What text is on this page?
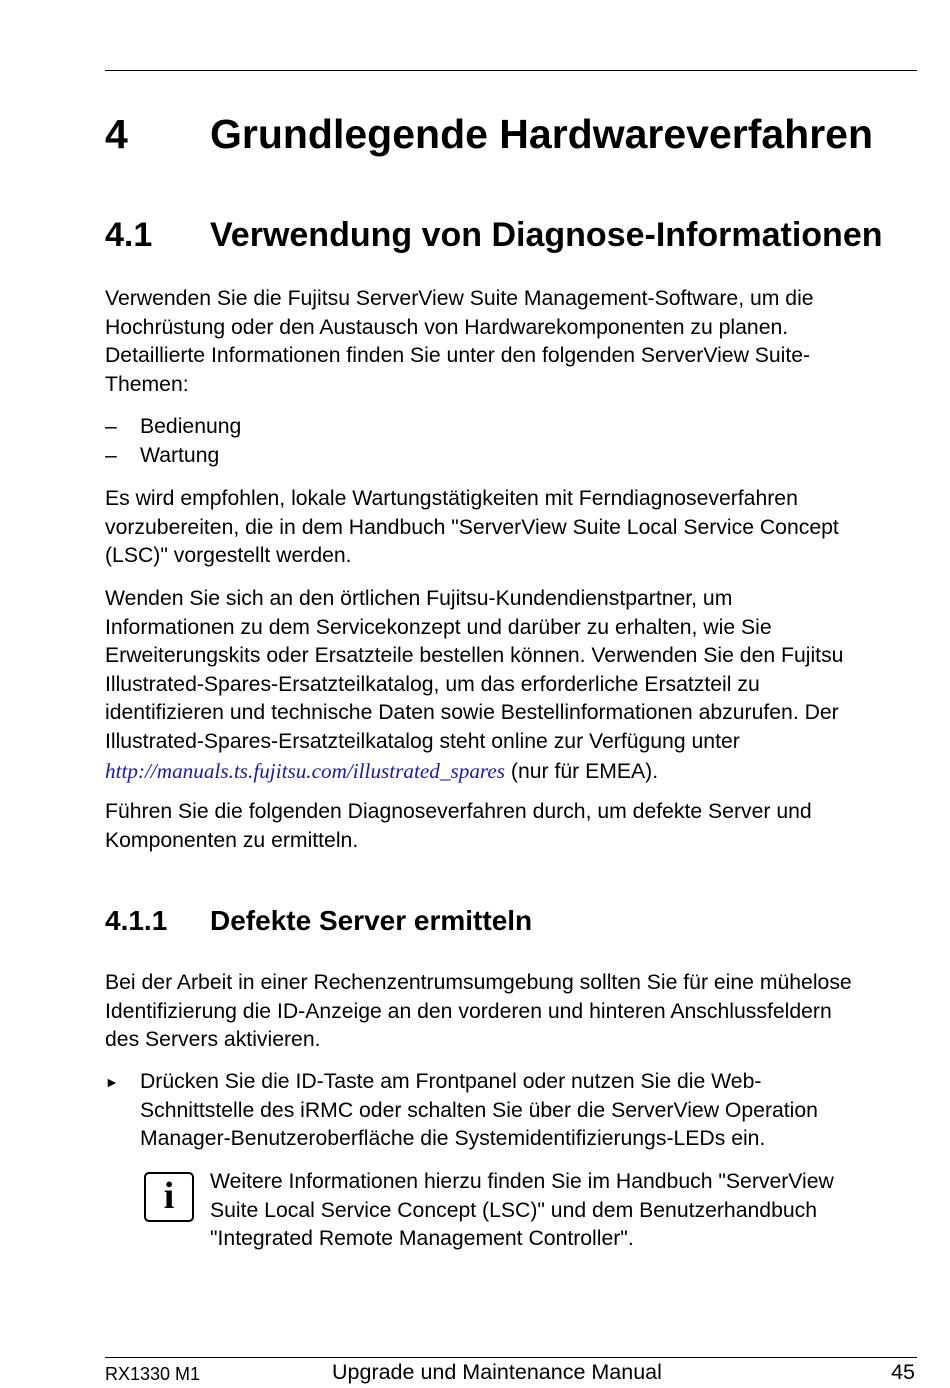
4 Grundlegende Hardwareverfahren
4.1 Verwendung von Diagnose-Informationen

Verwenden Sie die Fujitsu ServerView Suite Management-Software, um die
Hochrüstung oder den Austausch von Hardwarekomponenten zu planen.
Detaillierte Informationen finden Sie unter den folgenden ServerView Suite-
Themen:

– Bedienung
– Wartung

Es wird empfohlen, lokale Wartungstätigkeiten mit Ferndiagnoseverfahren
vorzubereiten, die in dem Handbuch "ServerView Suite Local Service Concept
(LSC)" vorgestellt werden.

Wenden Sie sich an den örtlichen Fujitsu-Kundendienstpartner, um
Informationen zu dem Servicekonzept und darüber zu erhalten, wie Sie
Erweiterungskits oder Ersatzteile bestellen können. Verwenden Sie den Fujitsu
Illustrated-Spares-Ersatzteilkatalog, um das erforderliche Ersatzteil zu
identifizieren und technische Daten sowie Bestellinformationen abzurufen. Der
Illustrated-Spares-Ersatzteilkatalog steht online zur Verfügung unter
http://manuals.ts.fujitsu.com/illustrated_spares (nur für EMEA).

Führen Sie die folgenden Diagnoseverfahren durch, um defekte Server und
Komponenten zu ermitteln.

4.1.1 Defekte Server ermitteln

Bei der Arbeit in einer Rechenzentrumsumgebung sollten Sie für eine mühelose
Identifizierung die ID-Anzeige an den vorderen und hinteren Anschlussfeldern
des Servers aktivieren.

► Drücken Sie die ID-Taste am Frontpanel oder nutzen Sie die Web-
Schnittstelle des iRMC oder schalten Sie über die ServerView Operation
Manager-Benutzeroberfläche die Systemidentifizierungs-LEDs ein.
i	Weitere Informationen hierzu finden Sie im Handbuch "ServerView
Suite Local Service Concept (LSC)" und dem Benutzerhandbuch
"Integrated Remote Management Controller".
RX1330 M1	Upgrade und Maintenance Manual	45
